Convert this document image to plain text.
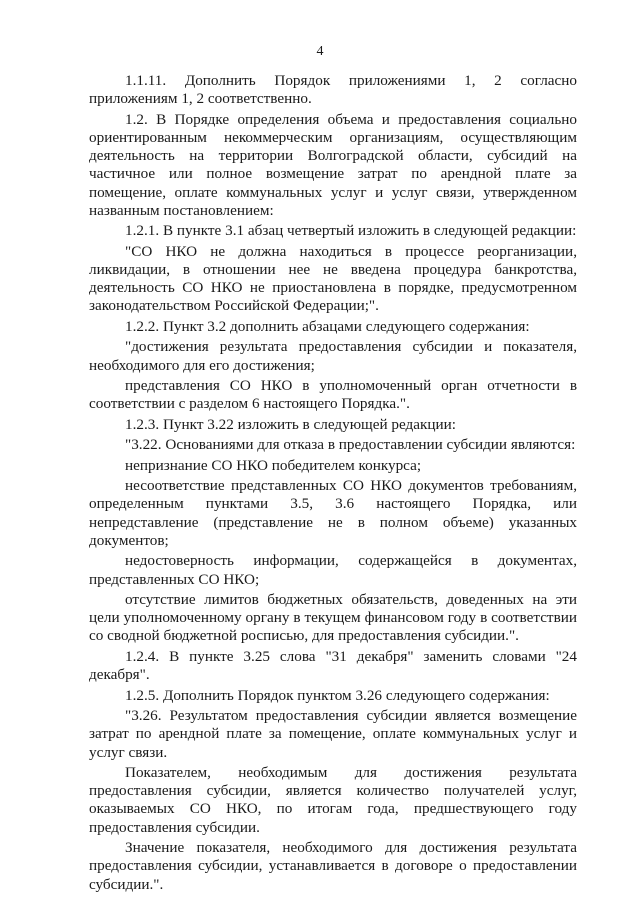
4

1.1.11. Дополнить Порядок приложениями 1, 2 согласно приложениям 1, 2 соответственно.

1.2. В Порядке определения объема и предоставления социально ориентированным некоммерческим организациям, осуществляющим деятельность на территории Волгоградской области, субсидий на частичное или полное возмещение затрат по арендной плате за помещение, оплате коммунальных услуг и услуг связи, утвержденном названным постановлением:

1.2.1. В пункте 3.1 абзац четвертый изложить в следующей редакции:

"СО НКО не должна находиться в процессе реорганизации, ликвидации, в отношении нее не введена процедура банкротства, деятельность СО НКО не приостановлена в порядке, предусмотренном законодательством Российской Федерации;".

1.2.2. Пункт 3.2 дополнить абзацами следующего содержания:

"достижения результата предоставления субсидии и показателя, необходимого для его достижения;

представления СО НКО в уполномоченный орган отчетности в соответствии с разделом 6 настоящего Порядка.".

1.2.3. Пункт 3.22 изложить в следующей редакции:

"3.22. Основаниями для отказа в предоставлении субсидии являются:

непризнание СО НКО победителем конкурса;

несоответствие представленных СО НКО документов требованиям, определенным пунктами 3.5, 3.6 настоящего Порядка, или непредставление (представление не в полном объеме) указанных документов;

недостоверность информации, содержащейся в документах, представленных СО НКО;

отсутствие лимитов бюджетных обязательств, доведенных на эти цели уполномоченному органу в текущем финансовом году в соответствии со сводной бюджетной росписью, для предоставления субсидии.".

1.2.4. В пункте 3.25 слова "31 декабря" заменить словами "24 декабря".

1.2.5. Дополнить Порядок пунктом 3.26 следующего содержания:

"3.26. Результатом предоставления субсидии является возмещение затрат по арендной плате за помещение, оплате коммунальных услуг и услуг связи.

Показателем, необходимым для достижения результата предоставления субсидии, является количество получателей услуг, оказываемых СО НКО, по итогам года, предшествующего году предоставления субсидии.

Значение показателя, необходимого для достижения результата предоставления субсидии, устанавливается в договоре о предоставлении субсидии.".
